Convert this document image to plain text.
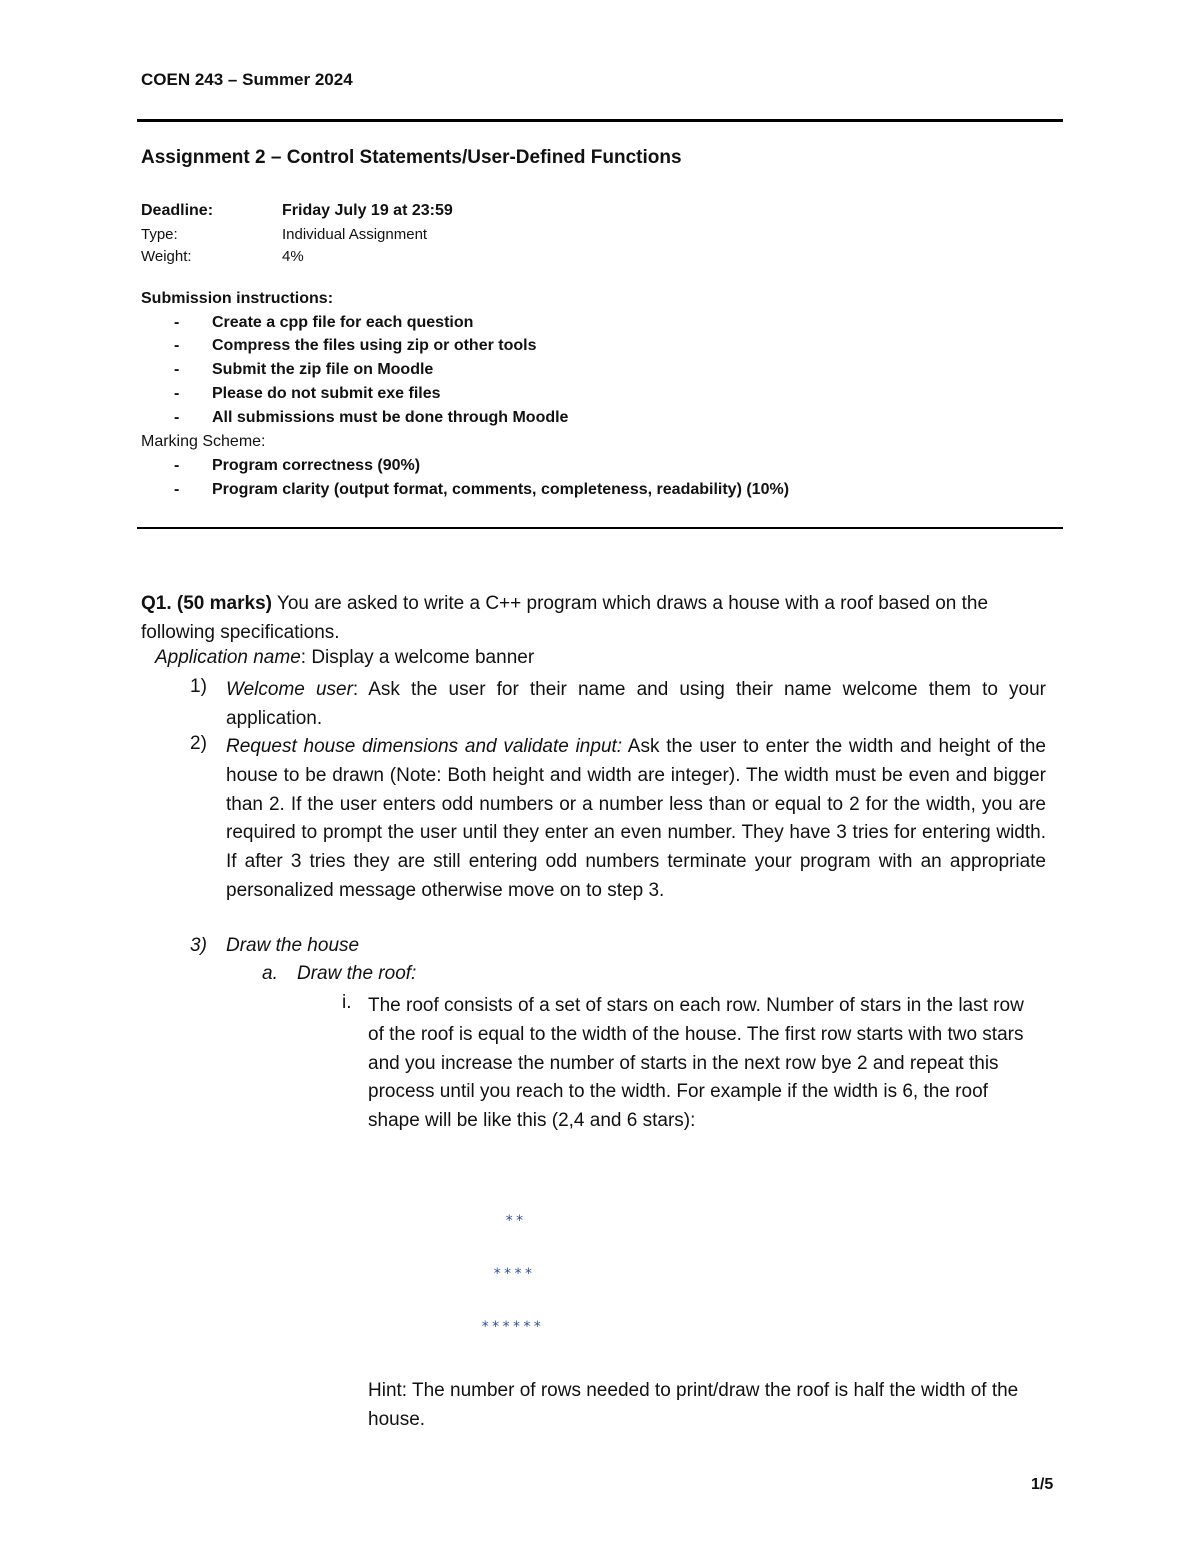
COEN 243 – Summer 2024
Assignment 2 – Control Statements/User-Defined Functions
Deadline:	Friday July 19 at 23:59
Type:	Individual Assignment
Weight:	4%
Submission instructions:
- Create a cpp file for each question
- Compress the files using zip or other tools
- Submit the zip file on Moodle
- Please do not submit exe files
- All submissions must be done through Moodle
Marking Scheme:
- Program correctness (90%)
- Program clarity (output format, comments, completeness, readability) (10%)
Q1. (50 marks) You are asked to write a C++ program which draws a house with a roof based on the following specifications.
Application name: Display a welcome banner
1) Welcome user: Ask the user for their name and using their name welcome them to your application.
2) Request house dimensions and validate input: Ask the user to enter the width and height of the house to be drawn (Note: Both height and width are integer). The width must be even and bigger than 2. If the user enters odd numbers or a number less than or equal to 2 for the width, you are required to prompt the user until they enter an even number. They have 3 tries for entering width. If after 3 tries they are still entering odd numbers terminate your program with an appropriate personalized message otherwise move on to step 3.
3) Draw the house
a. Draw the roof:
i. The roof consists of a set of stars on each row. Number of stars in the last row of the roof is equal to the width of the house. The first row starts with two stars and you increase the number of starts in the next row bye 2 and repeat this process until you reach to the width. For example if the width is 6, the roof shape will be like this (2,4 and 6 stars):
**
****
******
Hint: The number of rows needed to print/draw the roof is half the width of the house.
1/5
